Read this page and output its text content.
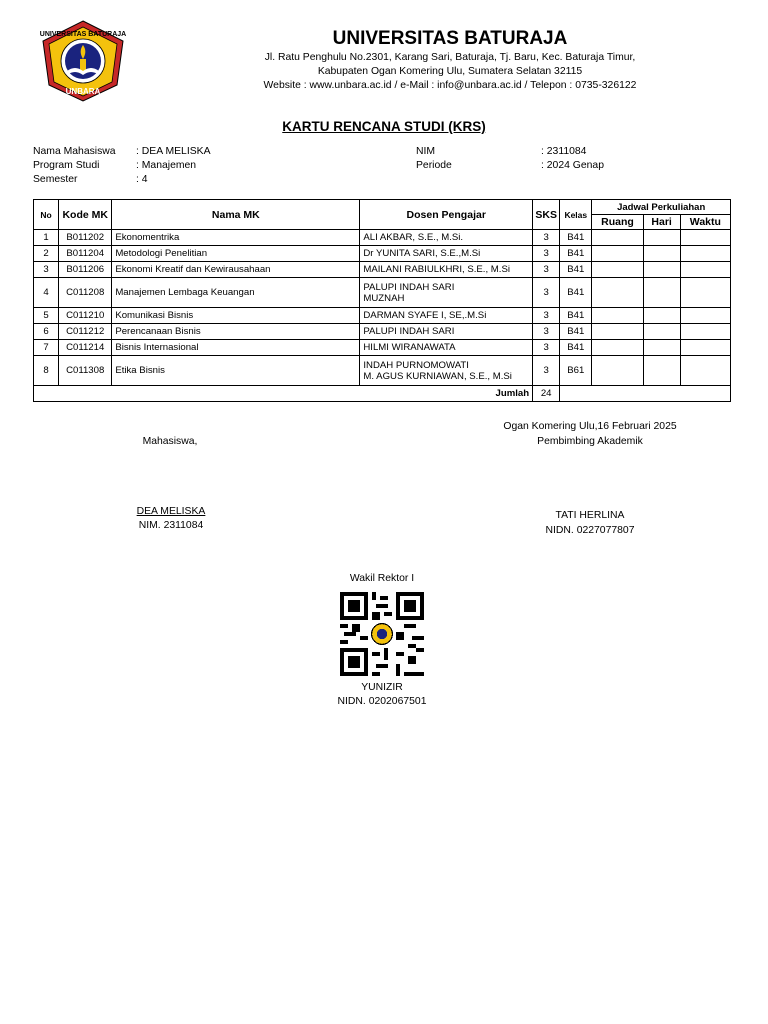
UNIVERSITAS BATURAJA
UNBARA
UNIVERSITAS BATURAJA
Jl. Ratu Penghulu No.2301, Karang Sari, Baturaja, Tj. Baru, Kec. Baturaja Timur,
Kabupaten Ogan Komering Ulu, Sumatera Selatan 32115
Website : www.unbara.ac.id / e-Mail : info@unbara.ac.id / Telepon : 0735-326122
KARTU RENCANA STUDI (KRS)
Nama Mahasiswa : DEA MELISKA
Program Studi	: Manajemen
Semester	: 4
NIM	: 2311084
Periode	: 2024 Genap
No	Kode MK	Nama MK	Dosen Pengajar	SKS	Kelas	Jadwal Perkuliahan		
						Ruang	Hari	Waktu
1	B011202	Ekonomentrika	ALI AKBAR, S.E., M.Si.	3	B41			
2	B011204	Metodologi Penelitian	Dr YUNITA SARI, S.E.,M.Si	3	B41			
3	B011206	Ekonomi Kreatif dan Kewirausahaan	MAILANI RABIULKHRI, S.E., M.Si	3	B41			
4	C011208	Manajemen Lembaga Keuangan	PALUPI INDAH SARI
MUZNAH	3	B41			
5	C011210	Komunikasi Bisnis	DARMAN SYAFE I, SE,.M.Si	3	B41			
6	C011212	Perencanaan Bisnis	PALUPI INDAH SARI	3	B41			
7	C011214	Bisnis Internasional	HILMI WIRANAWATA	3	B41			
8	C011308	Etika Bisnis	INDAH PURNOMOWATI
M. AGUS KURNIAWAN, S.E., M.Si	3	B61			
Jumlah				24				
Ogan Komering Ulu,16 Februari 2025
Mahasiswa,	Pembimbing Akademik
DEA MELISKA
NIM. 2311084
TATI HERLINA
NIDN. 0227077807
Wakil Rektor I
YUNIZIR
NIDN. 0202067501
